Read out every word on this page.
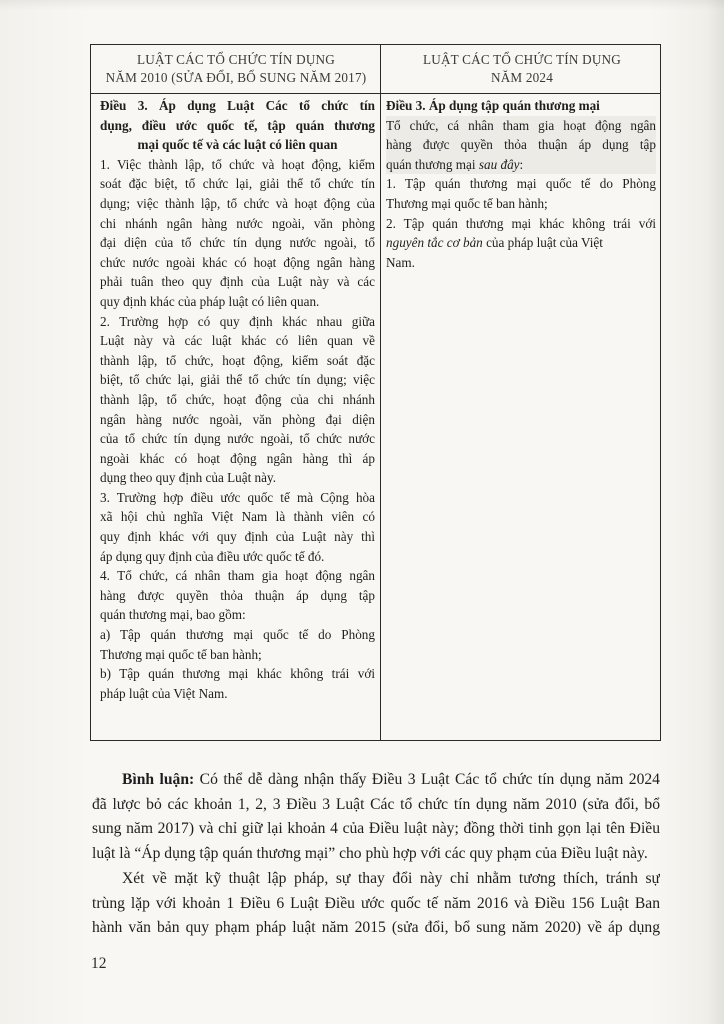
LUẬT CÁC TỔ CHỨC TÍN DỤNG
NĂM 2010 (SỬA ĐỔI, BỔ SUNG NĂM 2017)
LUẬT CÁC TỔ CHỨC TÍN DỤNG
NĂM 2024
Điều 3. Áp dụng Luật Các tổ chức tín
dụng, điều ước quốc tế, tập quán thương
mại quốc tế và các luật có liên quan
1. Việc thành lập, tổ chức và hoạt động, kiểm
soát đặc biệt, tổ chức lại, giải thể tổ chức tín
dụng; việc thành lập, tổ chức và hoạt động của
chi nhánh ngân hàng nước ngoài, văn phòng
đại diện của tổ chức tín dụng nước ngoài, tổ
chức nước ngoài khác có hoạt động ngân hàng
phải tuân theo quy định của Luật này và các
quy định khác của pháp luật có liên quan.
2. Trường hợp có quy định khác nhau giữa
Luật này và các luật khác có liên quan về
thành lập, tổ chức, hoạt động, kiểm soát đặc
biệt, tổ chức lại, giải thể tổ chức tín dụng; việc
thành lập, tổ chức, hoạt động của chi nhánh
ngân hàng nước ngoài, văn phòng đại diện
của tổ chức tín dụng nước ngoài, tổ chức nước
ngoài khác có hoạt động ngân hàng thì áp
dụng theo quy định của Luật này.
3. Trường hợp điều ước quốc tế mà Cộng hòa
xã hội chủ nghĩa Việt Nam là thành viên có
quy định khác với quy định của Luật này thì
áp dụng quy định của điều ước quốc tế đó.
4. Tổ chức, cá nhân tham gia hoạt động ngân
hàng được quyền thỏa thuận áp dụng tập
quán thương mại, bao gồm:
a) Tập quán thương mại quốc tế do Phòng
Thương mại quốc tế ban hành;
b) Tập quán thương mại khác không trái với
pháp luật của Việt Nam.
Điều 3. Áp dụng tập quán thương mại
Tổ chức, cá nhân tham gia hoạt động ngân
hàng được quyền thỏa thuận áp dụng tập
quán thương mại sau đây:
1. Tập quán thương mại quốc tế do Phòng
Thương mại quốc tế ban hành;
2. Tập quán thương mại khác không trái với
nguyên tắc cơ bản của pháp luật của Việt
Nam.
Bình luận: Có thể dễ dàng nhận thấy Điều 3 Luật Các tổ chức tín dụng năm 2024
đã lược bỏ các khoản 1, 2, 3 Điều 3 Luật Các tổ chức tín dụng năm 2010 (sửa đổi, bổ
sung năm 2017) và chỉ giữ lại khoản 4 của Điều luật này; đồng thời tinh gọn lại tên Điều
luật là “Áp dụng tập quán thương mại” cho phù hợp với các quy phạm của Điều luật này.
Xét về mặt kỹ thuật lập pháp, sự thay đổi này chỉ nhằm tương thích, tránh sự
trùng lặp với khoản 1 Điều 6 Luật Điều ước quốc tế năm 2016 và Điều 156 Luật Ban
hành văn bản quy phạm pháp luật năm 2015 (sửa đổi, bổ sung năm 2020) về áp dụng
12
